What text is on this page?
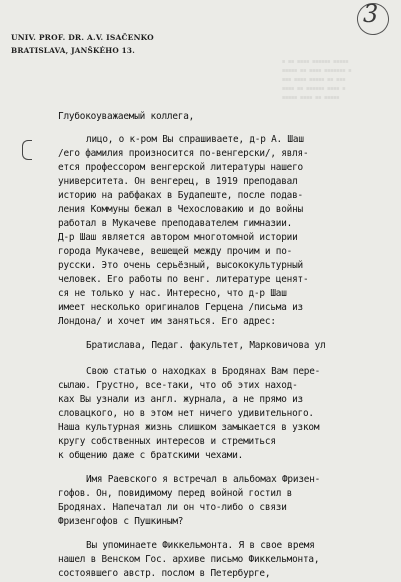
UNIV. PROF. DR. A.V. ISAČENKO
BRATISLAVA, JANŠKÉHO 13.
3
≡ ≡≡ ≡≡≡≡ ≡≡≡≡≡≡ ≡≡≡≡≡
≡≡≡≡≡ ≡≡ ≡≡≡≡ ≡≡≡≡≡≡≡ ≡
≡≡≡ ≡≡≡≡ ≡≡≡≡≡ ≡≡ ≡≡≡
≡≡≡≡ ≡≡ ≡≡≡≡≡≡ ≡≡≡≡ ≡
≡≡≡≡≡ ≡≡≡≡ ≡≡ ≡≡≡≡≡
Глубокоуважаемый коллега,
лицо, о к-ром Вы спрашиваете, д-р А. Шаш
/его фамилия произносится по-венгерски/, явля-
ется профессором венгерской литературы нашего
университета. Он венгерец, в 1919 преподавал
историю на рабфаках в Будапеште, после подав-
ления Коммуны бежал в Чехословакию и до войны
работал в Мукачеве преподавателем гимназии.
Д-р Шаш является автором многотомной истории
города Мукачеве, вешещей между прочим и по-
русски. Это очень серьёзный, высококультурный
человек. Его работы по венг. литературе ценят-
ся не только у нас. Интересно, что д-р Шаш
имеет несколько оригиналов Герцена /письма из
Лондона/ и хочет им заняться. Его адрес:
Братислава, Педаг. факультет, Марковичова ул
Свою статью о находках в Бродянах Вам пере-
сылаю. Грустно, все-таки, что об этих наход-
ках Вы узнали из англ. журнала, а не прямо из
словацкого, но в этом нет ничего удивительного.
Наша культурная жизнь слишком замыкается в узком
кругу собственных интересов и стремиться
к общению даже с братскими чехами.
Имя Раевского я встречал в альбомах Фризен-
гофов. Он, повидимому перед войной гостил в
Бродянах. Напечатал ли он что-либо о связи
Фризенгофов с Пушкиным?
Вы упоминаете Фиккельмонта. Я в свое время
нашел в Венском Гос. архиве письмо Фиккельмонта,
состоявшего австр. послом в Петербурге,
